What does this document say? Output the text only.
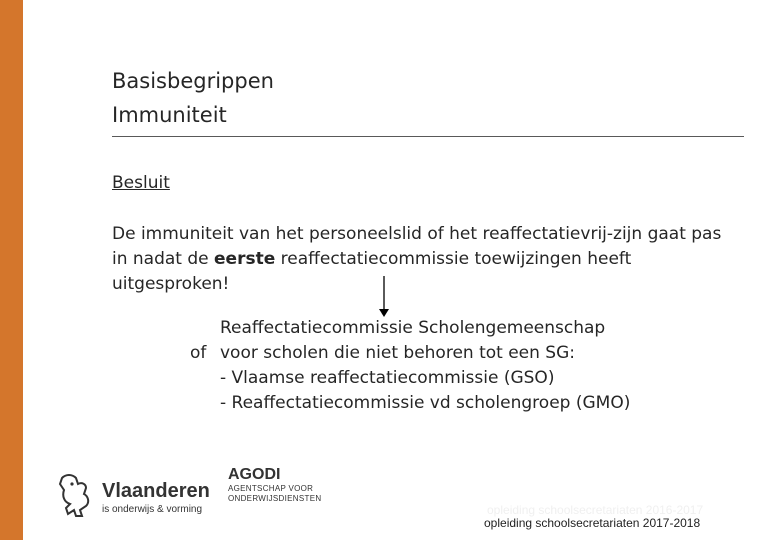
Basisbegrippen
Immuniteit
Besluit
De immuniteit van het personeelslid of het reaffectatievrij-zijn gaat pas in nadat de eerste reaffectatiecommissie toewijzingen heeft uitgesproken!
Reaffectatiecommissie Scholengemeenschap
of voor scholen die niet behoren tot een SG:
- Vlaamse reaffectatiecommissie (GSO)
- Reaffectatiecommissie vd scholengroep (GMO)
Vlaanderen
is onderwijs & vorming
AGODI
AGENTSCHAP VOOR
ONDERWIJSDIENSTEN
opleiding schoolsecretariaten 2016-2017
opleiding schoolsecretariaten 2017-2018
